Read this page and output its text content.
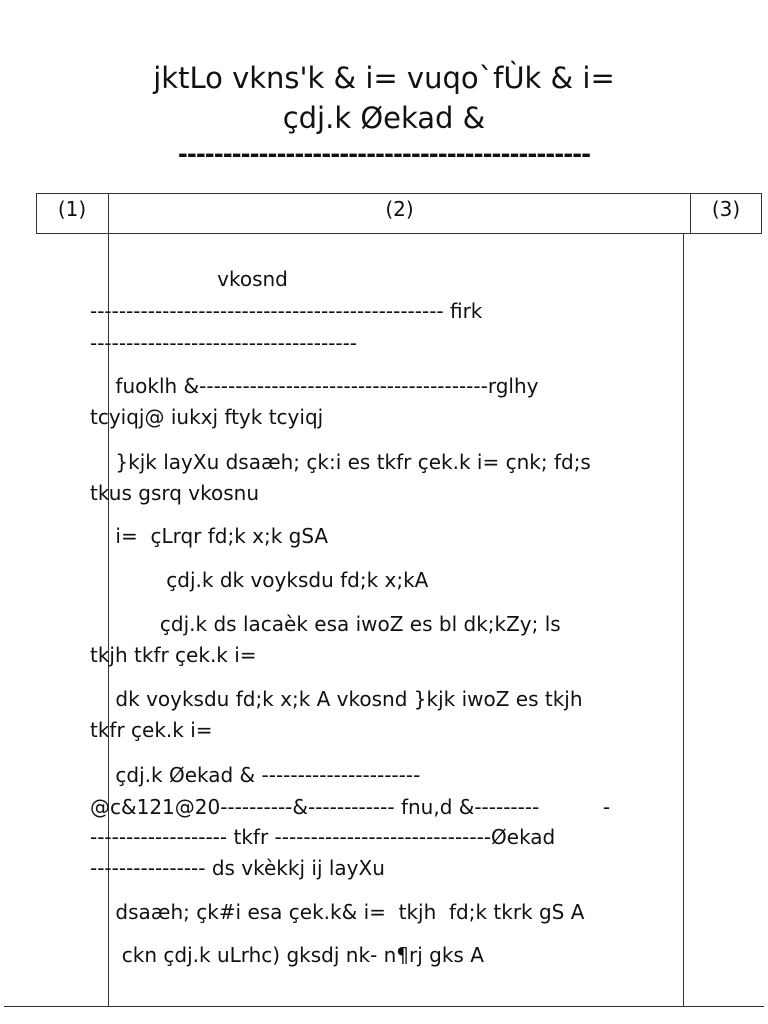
jktLo vkns'k & i= vuqo`fÙk & i=
çdj.k Øekad &
----------------------------------------------
(1)	(2)	(3)
vkosnd
------------------------------------------------- firk
-------------------------------------
fuoklh &----------------------------------------rglhy
tcyiqj@ iukxj ftyk tcyiqj
}kjk layXu dsaæh; çk:i es tkfr çek.k i= çnk; fd;s
tkus gsrq vkosnu
i=  çLrqr fd;k x;k gSA
çdj.k dk voyksdu fd;k x;kA
çdj.k ds lacaèk esa iwoZ es bl dk;kZy; ls
tkjh tkfr çek.k i=
dk voyksdu fd;k x;k A vkosnd }kjk iwoZ es tkjh
tkfr çek.k i=
çdj.k Øekad & ----------------------
@c&121@20----------&------------ fnu,d &---------          -
------------------- tkfr ------------------------------Øekad
---------------- ds vkèkkj ij layXu
dsaæh; çk#i esa çek.k& i=  tkjh  fd;k tkrk gS A
ckn çdj.k uLrhc) gksdj nk- n¶rj gks A
